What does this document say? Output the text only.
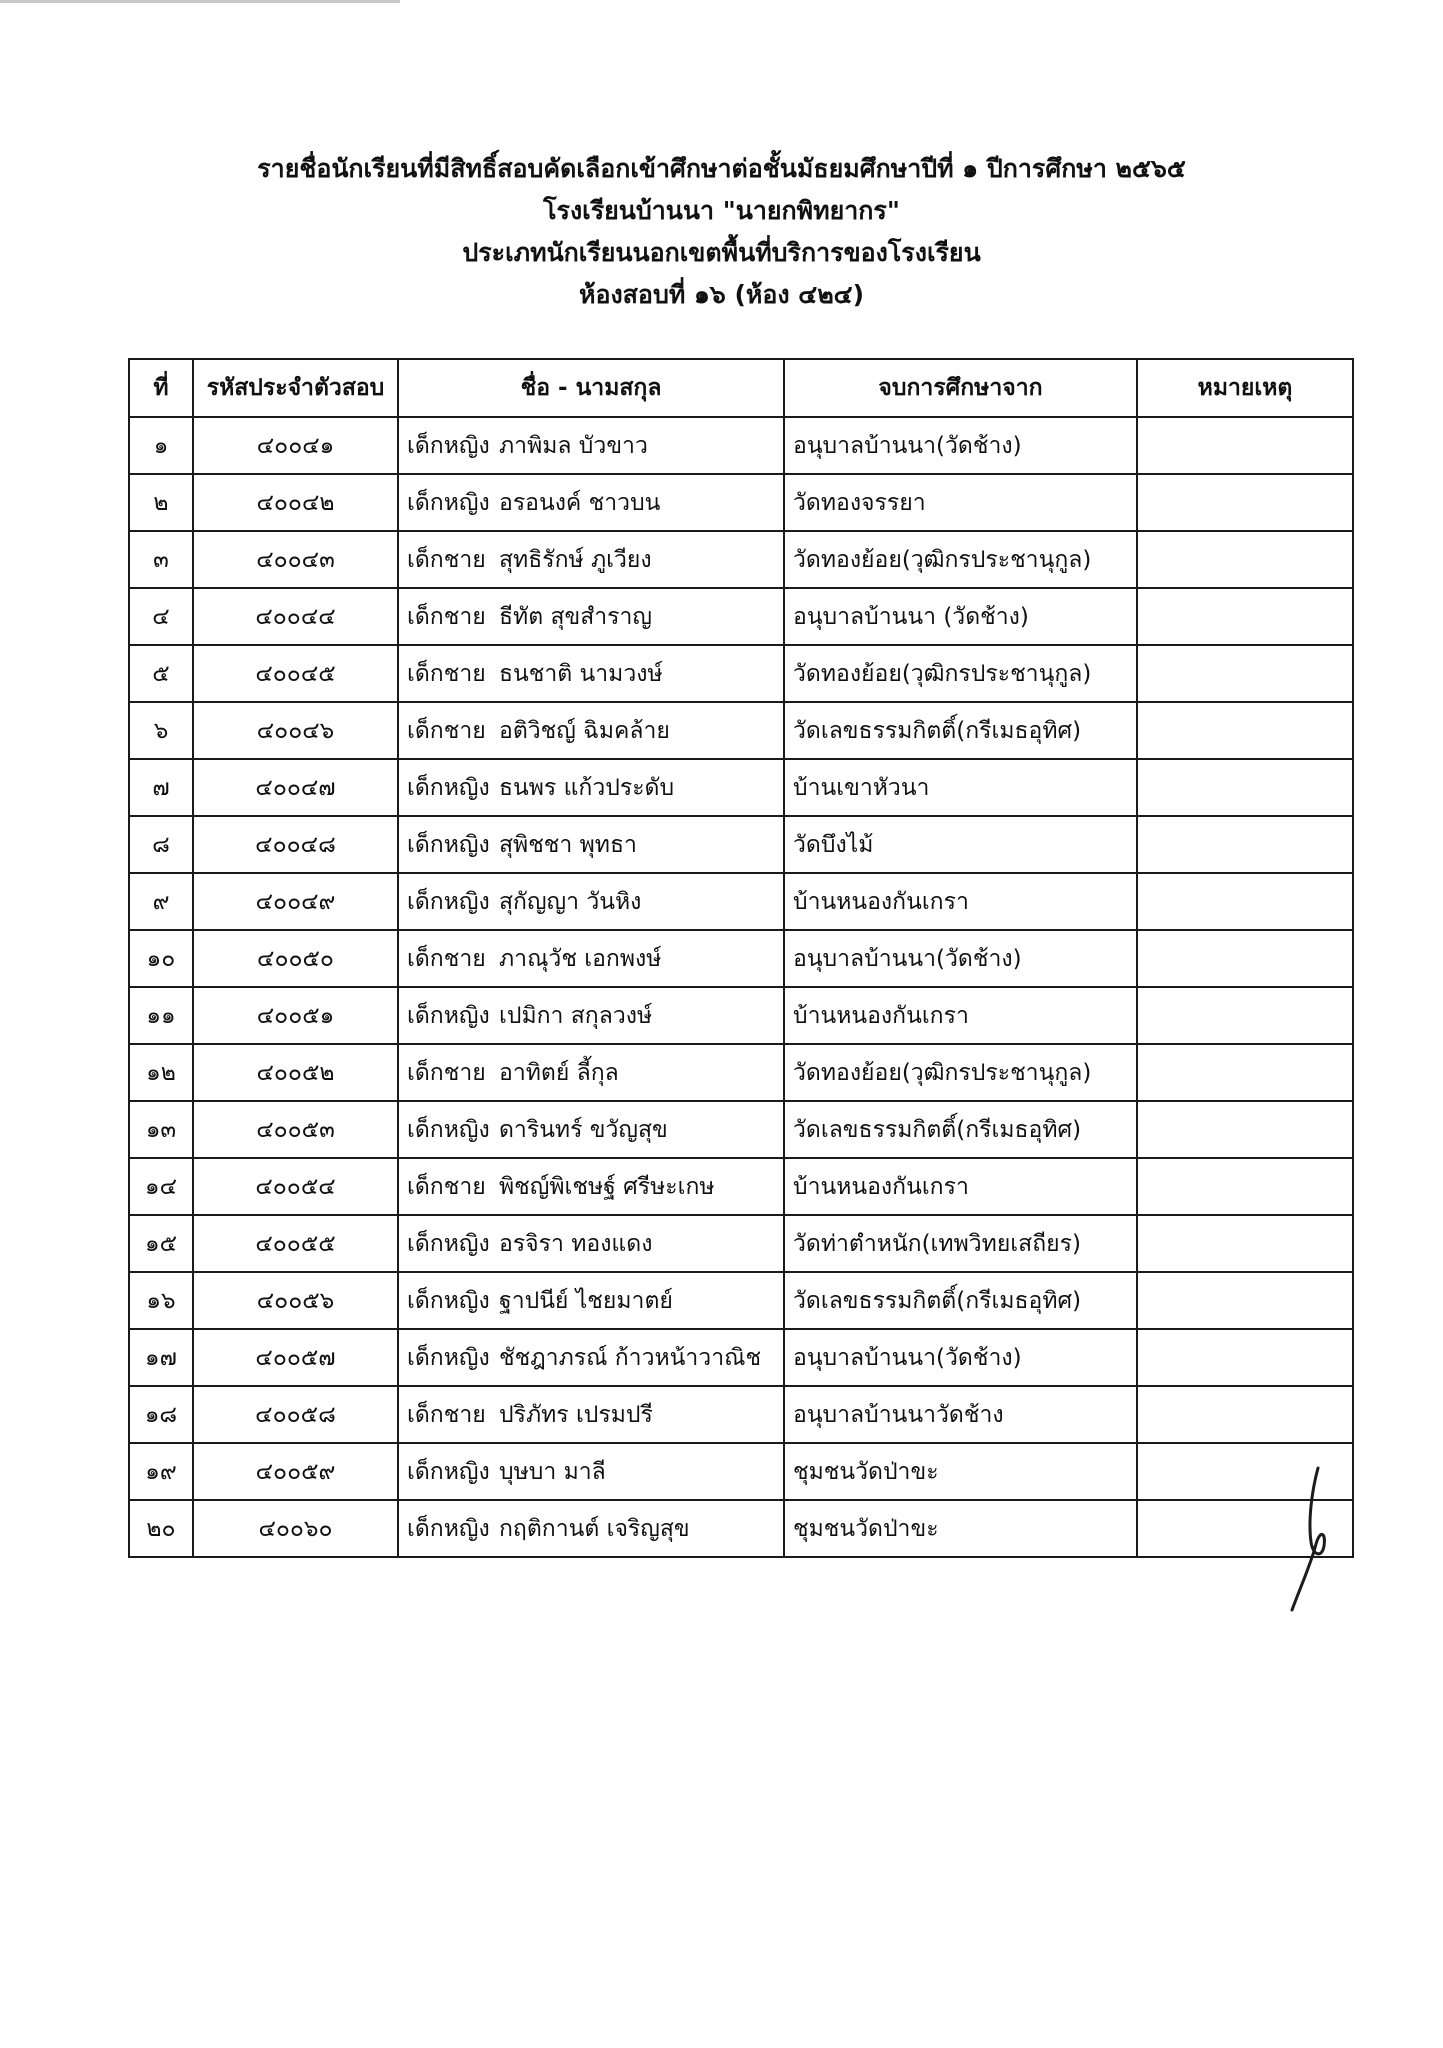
รายชื่อนักเรียนที่มีสิทธิ์สอบคัดเลือกเข้าศึกษาต่อชั้นมัธยมศึกษาปีที่ ๑ ปีการศึกษา ๒๕๖๕
โรงเรียนบ้านนา "นายกพิทยากร"
ประเภทนักเรียนนอกเขตพื้นที่บริการของโรงเรียน
ห้องสอบที่ ๑๖ (ห้อง ๔๒๔)
ที่	รหัสประจำตัวสอบ	ชื่อ - นามสกุล	จบการศึกษาจาก	หมายเหตุ
๑	๔๐๐๔๑	เด็กหญิง ภาพิมล บัวขาว	อนุบาลบ้านนา(วัดช้าง)	
๒	๔๐๐๔๒	เด็กหญิง อรอนงค์ ชาวบน	วัดทองจรรยา	
๓	๔๐๐๔๓	เด็กชาย สุทธิรักษ์ ภูเวียง	วัดทองย้อย(วุฒิกรประชานุกูล)	
๔	๔๐๐๔๔	เด็กชาย ธีทัต สุขสำราญ	อนุบาลบ้านนา (วัดช้าง)	
๕	๔๐๐๔๕	เด็กชาย ธนชาติ นามวงษ์	วัดทองย้อย(วุฒิกรประชานุกูล)	
๖	๔๐๐๔๖	เด็กชาย อติวิชญ์ ฉิมคล้าย	วัดเลขธรรมกิตติ์(กรีเมธอุทิศ)	
๗	๔๐๐๔๗	เด็กหญิง ธนพร แก้วประดับ	บ้านเขาหัวนา	
๘	๔๐๐๔๘	เด็กหญิง สุพิชชา พุทธา	วัดบึงไม้	
๙	๔๐๐๔๙	เด็กหญิง สุกัญญา วันหิง	บ้านหนองกันเกรา	
๑๐	๔๐๐๕๐	เด็กชาย ภาณุวัช เอกพงษ์	อนุบาลบ้านนา(วัดช้าง)	
๑๑	๔๐๐๕๑	เด็กหญิง เปมิกา สกุลวงษ์	บ้านหนองกันเกรา	
๑๒	๔๐๐๕๒	เด็กชาย อาทิตย์ ลี้กุล	วัดทองย้อย(วุฒิกรประชานุกูล)	
๑๓	๔๐๐๕๓	เด็กหญิง ดารินทร์ ขวัญสุข	วัดเลขธรรมกิตติ์(กรีเมธอุทิศ)	
๑๔	๔๐๐๕๔	เด็กชาย พิชญ์พิเชษฐ์ ศรีษะเกษ	บ้านหนองกันเกรา	
๑๕	๔๐๐๕๕	เด็กหญิง อรจิรา ทองแดง	วัดท่าตำหนัก(เทพวิทยเสถียร)	
๑๖	๔๐๐๕๖	เด็กหญิง ฐาปนีย์ ไชยมาตย์	วัดเลขธรรมกิตติ์(กรีเมธอุทิศ)	
๑๗	๔๐๐๕๗	เด็กหญิง ชัชฎาภรณ์ ก้าวหน้าวาณิช	อนุบาลบ้านนา(วัดช้าง)	
๑๘	๔๐๐๕๘	เด็กชาย ปริภัทร เปรมปรี	อนุบาลบ้านนาวัดช้าง	
๑๙	๔๐๐๕๙	เด็กหญิง บุษบา มาลี	ชุมชนวัดป่าขะ	
๒๐	๔๐๐๖๐	เด็กหญิง กฤติกานต์ เจริญสุข	ชุมชนวัดป่าขะ	
